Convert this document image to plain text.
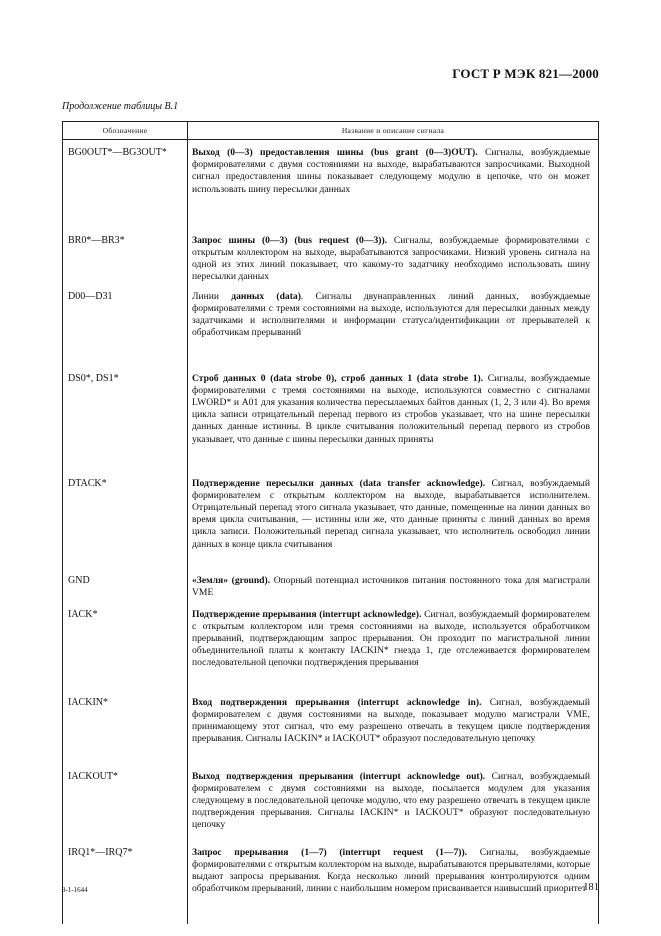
ГОСТ Р МЭК 821—2000
Продолжение таблицы В.1
Обозначение	Название и описание сигнала
BG0OUT*—BG3OUT*	Выход (0—3) предоставления шины (bus grant (0—3)OUT). Сигналы, возбуждаемые формирователями с двумя состояниями на выходе, вырабатываются запросчиками. Выходной сигнал предоставления шины показывает следующему модулю в цепочке, что он может использовать шину пересылки данных
BR0*—BR3*	Запрос шины (0—3) (bus request (0—3)). Сигналы, возбуждаемые формирователями с открытым коллектором на выходе, вырабатываются запросчиками. Низкий уровень сигнала на одной из этих линий показывает, что какому-то задатчику необходимо использовать шину пересылки данных
D00—D31	Линии данных (data). Сигналы двунаправленных линий данных, возбуждаемые формирователями с тремя состояниями на выходе, используются для пересылки данных между задатчиками и исполнителями и информации статуса/идентификации от прерывателей к обработчикам прерываний
DS0*, DS1*	Строб данных 0 (data strobe 0), строб данных 1 (data strobe 1). Сигналы, возбуждаемые формирователями с тремя состояниями на выходе, используются совместно с сигналами LWORD* и A01 для указания количества пересылаемых байтов данных (1, 2, 3 или 4). Во время цикла записи отрицательный перепад первого из стробов указывает, что на шине пересылки данных данные истинны. В цикле считывания положительный перепад первого из стробов указывает, что данные с шины пересылки данных приняты
DTACK*	Подтверждение пересылки данных (data transfer acknowledge). Сигнал, возбуждаемый формирователем с открытым коллектором на выходе, вырабатывается исполнителем. Отрицательный перепад этого сигнала указывает, что данные, помещенные на линии данных во время цикла считывания, — истинны или же, что данные приняты с линий данных во время цикла записи. Положительный перепад сигнала указывает, что исполнитель освободил линии данных в конце цикла считывания
GND	«Земля» (ground). Опорный потенциал источников питания постоянного тока для магистрали VME
IACK*	Подтверждение прерывания (interrupt acknowledge). Сигнал, возбуждаемый формирователем с открытым коллектором или тремя состояниями на выходе, используется обработчиком прерываний, подтверждающим запрос прерывания. Он проходит по магистральной линии объединительной платы к контакту IACKIN* гнезда 1, где отслеживается формирователем последовательной цепочки подтверждения прерывания
IACKIN*	Вход подтверждения прерывания (interrupt acknowledge in). Сигнал, возбуждаемый формирователем с двумя состояниями на выходе, показывает модулю магистрали VME, принимающему этот сигнал, что ему разрешено отвечать в текущем цикле подтверждения прерывания. Сигналы IACKIN* и IACKOUT* образуют последовательную цепочку
IACKOUT*	Выход подтверждения прерывания (interrupt acknowledge out). Сигнал, возбуждаемый формирователем с двумя состояниями на выходе, посылается модулем для указания следующему в последовательной цепочке модулю, что ему разрешено отвечать в текущем цикле подтверждения прерывания. Сигналы IACKIN* и IACKOUT* образуют последовательную цепочку
IRQ1*—IRQ7*	Запрос прерывания (1—7) (interrupt request (1—7)). Сигналы, возбуждаемые формирователями с открытым коллектором на выходе, вырабатываются прерывателями, которые выдают запросы прерывания. Когда несколько линий прерывания контролируются одним обработчиком прерываний, линии с наибольшим номером присваивается наивысший приоритет
9-1-1644	181
